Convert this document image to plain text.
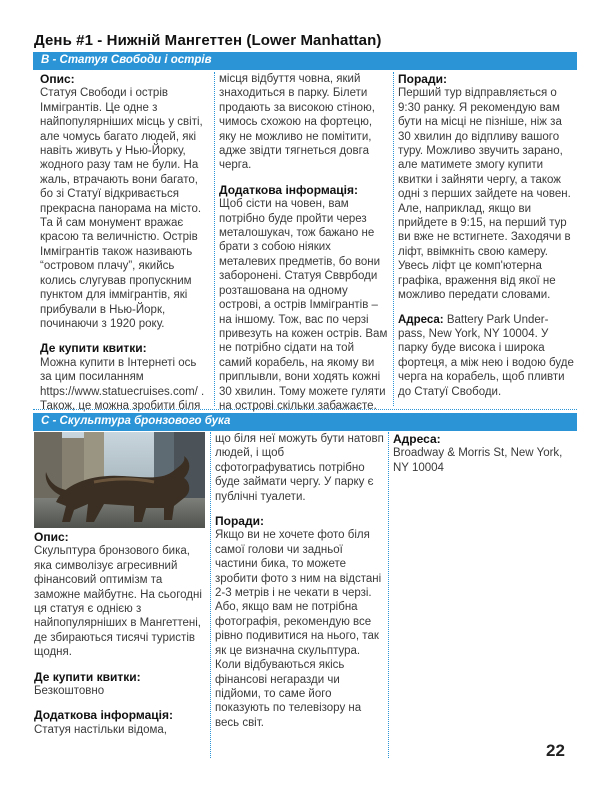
День #1 - Нижній Мангеттен (Lower Manhattan)
B - Статуя Свободи і острів

Опис:

Статуя Свободи і острів Іммігрантів. Це одне з найпопулярніших місць у світі, але чомусь багато людей, які навіть живуть у Нью-Йорку, жодного разу там не були. На жаль, втрачають вони багато, бо зі Статуї відкривається прекрасна панорама на місто. Та й сам монумент вражає красою та величністю. Острів Іммігрантів також називають “островом плачу”, якийсь колись слугував пропускним пунктом для іммігрантів, які прибували в Нью-Йорк, починаючи з 1920 року.

Де купити квитки:

Можна купити в Інтернеті ось за цим посиланням https://www.statuecruises.com/ . Також, це можна зробити біля

місця відбуття човна, який знаходиться в парку. Білети продають за високою стіною, чимось схожою на фортецю, яку не можливо не помітити, адже звідти тягнеться довга черга.

Додаткова інформація:

Щоб сісти на човен, вам потрібно буде пройти через металошукач, тож бажано не брати з собою ніяких металевих предметів, бо вони заборонені. Статуя Свврбоди розташована на одному острові, а острів Іммігрантів – на іншому. Тож, вас по черзі привезуть на кожен острів. Вам не потрібно сідати на той самий корабель, на якому ви приплывли, вони ходять кожні 30 хвилин. Тому можете гуляти на острові скільки забажаєте.

Поради:

Перший тур відправляється о 9:30 ранку. Я рекомендую вам бути на місці не пізніше, ніж за 30 хвилин до відпливу вашого туру. Можливо звучить зарано, але матимете змогу купити квитки і зайняти чергу, а також одні з перших зайдете на човен. Але, наприклад, якщо ви прийдете в 9:15, на перший тур ви вже не встигнете. Заходячи в ліфт, ввімкніть свою камеру. Увесь ліфт це комп'ютерна графіка, враження від якої не можливо передати словами.

Адреса: Battery Park Under-pass, New York, NY 10004. У парку буде висока і широка фортеця, а між нею і водою буде черга на корабель, щоб пливти до Статуї Свободи.

C - Скульптура бронзового бука

Опис:

Скульптура бронзового бика, яка символізує агресивний фінансовий оптимізм та заможне майбутнє. На сьогодні ця статуя є однією з найпопулярніших в Мангеттені, де збираються тисячі туристів щодня.

Де купити квитки:

Безкоштовно

Додаткова інформація:

Статуя настільки відома,

що біля неї можуть бути натовп людей, і щоб сфотографуватись потрібно буде займати чергу. У парку є публічні туалети.

Поради:

Якщо ви не хочете фото біля самої голови чи задньої частини бика, то можете зробити фото з ним на відстані 2-3 метрів і не чекати в черзі.

Або, якщо вам не потрібна фотографія, рекомендую все рівно подивитися на нього, так як це визначна скульптура. Коли відбуваються якісь фінансові негаразди чи підйоми, то саме його показують по телевізору на весь світ.

Адреса:

Broadway & Morris St, New York, NY 10004

22
